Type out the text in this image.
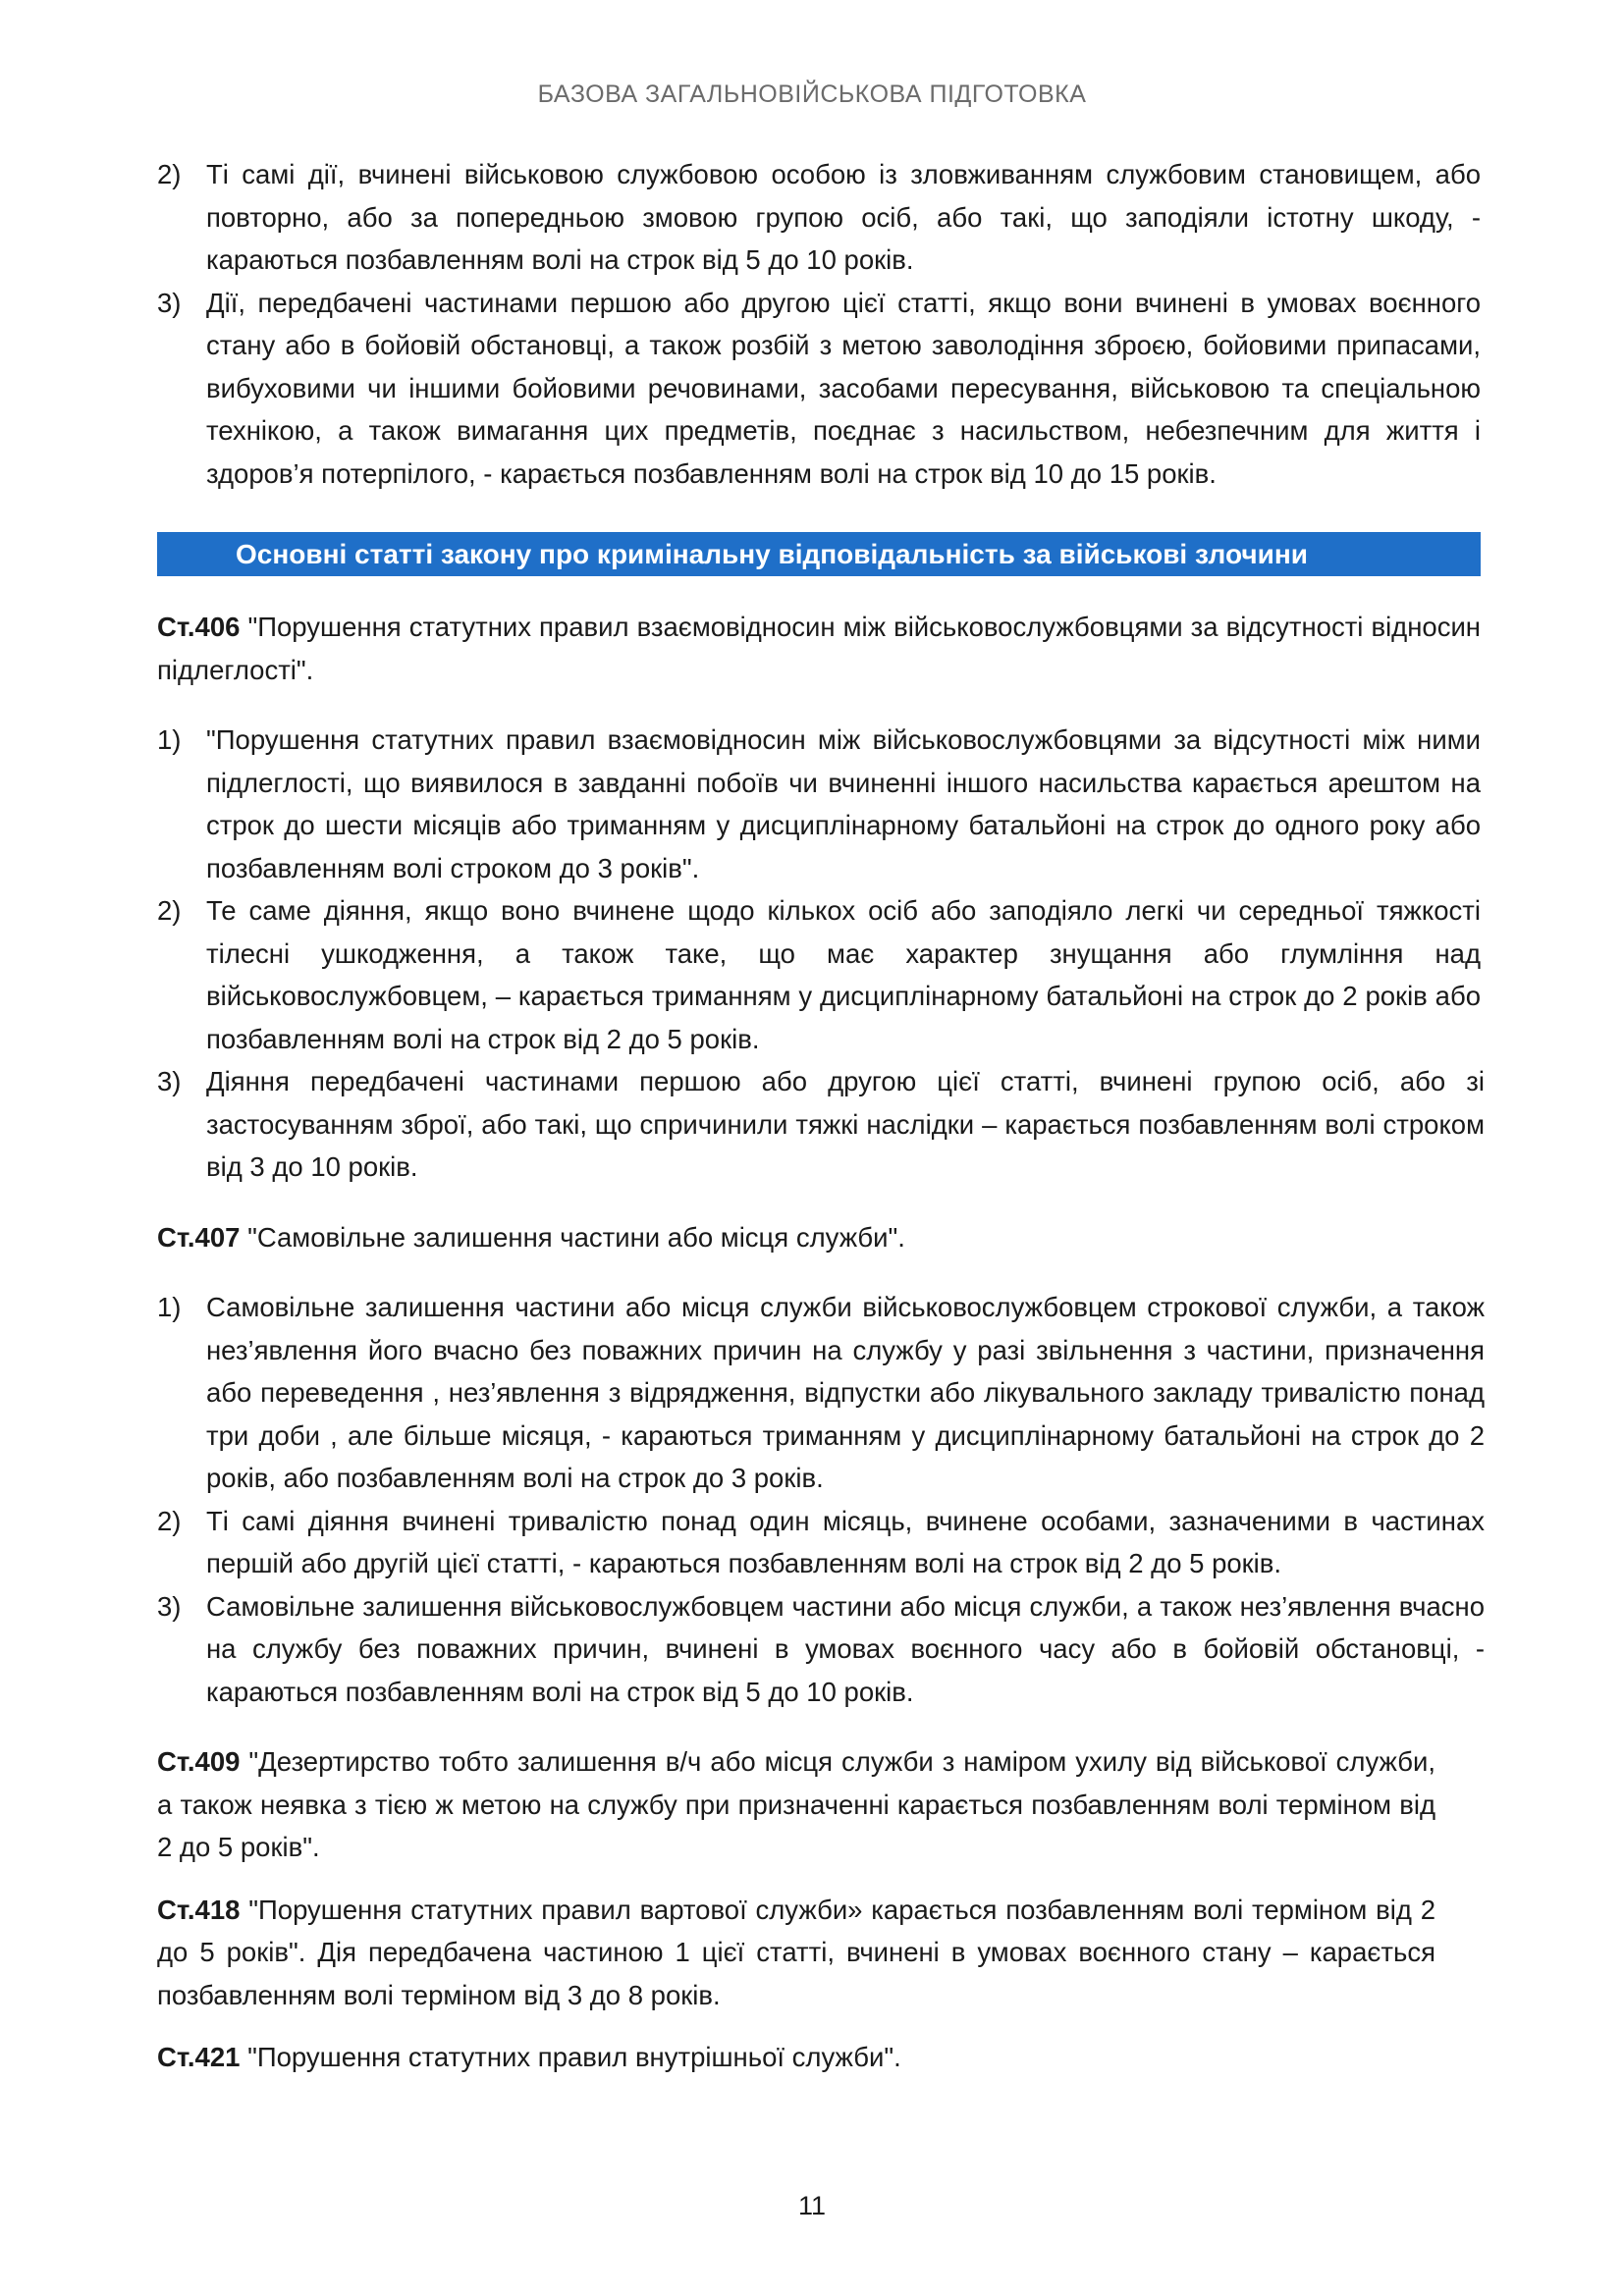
БАЗОВА ЗАГАЛЬНОВІЙСЬКОВА ПІДГОТОВКА
2) Ті самі дії, вчинені військовою службовою особою із зловживанням службовим становищем, або повторно, або за попередньою змовою групою осіб, або такі, що заподіяли істотну шкоду, - караються позбавленням волі на строк від 5 до 10 років.
3) Дії, передбачені частинами першою або другою цієї статті, якщо вони вчинені в умовах воєнного стану або в бойовій обстановці, а також розбій з метою заволодіння зброєю, бойовими припасами, вибуховими чи іншими бойовими речовинами, засобами пересування, військовою та спеціальною технікою, а також вимагання цих предметів, поєднає з насильством, небезпечним для життя і здоров’я потерпілого, - карається позбавленням волі на строк від 10 до 15 років.
Основні статті закону про кримінальну відповідальність за військові злочини

Ст.406 "Порушення статутних правил взаємовідносин між військовослужбовцями за відсутності відносин підлеглості".

1) "Порушення статутних правил взаємовідносин між військовослужбовцями за відсутності між ними підлеглості, що виявилося в завданні побоїв чи вчиненні іншого насильства карається арештом на строк до шести місяців або триманням у дисциплінарному батальйоні на строк до одного року або позбавленням волі строком до 3 років".
2) Те саме діяння, якщо воно вчинене щодо кількох осіб або заподіяло легкі чи середньої тяжкості тілесні ушкодження, а також таке, що має характер знущання або глумління над військовослужбовцем, – карається триманням у дисциплінарному батальйоні на строк до 2 років або позбавленням волі на строк від 2 до 5 років.
3) Діяння передбачені частинами першою або другою цієї статті, вчинені групою осіб, або зі застосуванням зброї, або такі, що спричинили тяжкі наслідки – карається позбавленням волі строком від 3 до 10 років.

Ст.407 "Самовільне залишення частини або місця служби".

1) Самовільне залишення частини або місця служби військовослужбовцем строкової служби, а також нез’явлення його вчасно без поважних причин на службу у разі звільнення з частини, призначення або переведення , нез’явлення з відрядження, відпустки або лікувального закладу тривалістю понад три доби , але більше місяця, - караються триманням у дисциплінарному батальйоні на строк до 2 років, або позбавленням волі на строк до 3 років.
2) Ті самі діяння вчинені тривалістю понад один місяць, вчинене особами, зазначеними в частинах першій або другій цієї статті, - караються позбавленням волі на строк від 2 до 5 років.
3) Самовільне залишення військовослужбовцем частини або місця служби, а також нез’явлення вчасно на службу без поважних причин, вчинені в умовах воєнного часу або в бойовій обстановці, - караються позбавленням волі на строк від 5 до 10 років.

Ст.409 "Дезертирство тобто залишення в/ч або місця служби з наміром ухилу від військової служби, а також неявка з тією ж метою на службу при призначенні карається позбавленням волі терміном від 2 до 5 років".

Ст.418 "Порушення статутних правил вартової служби» карається позбавленням волі терміном від 2 до 5 років". Дія передбачена частиною 1 цієї статті, вчинені в умовах воєнного стану – карається позбавленням волі терміном від 3 до 8 років.

Ст.421 "Порушення статутних правил внутрішньої служби".

11
